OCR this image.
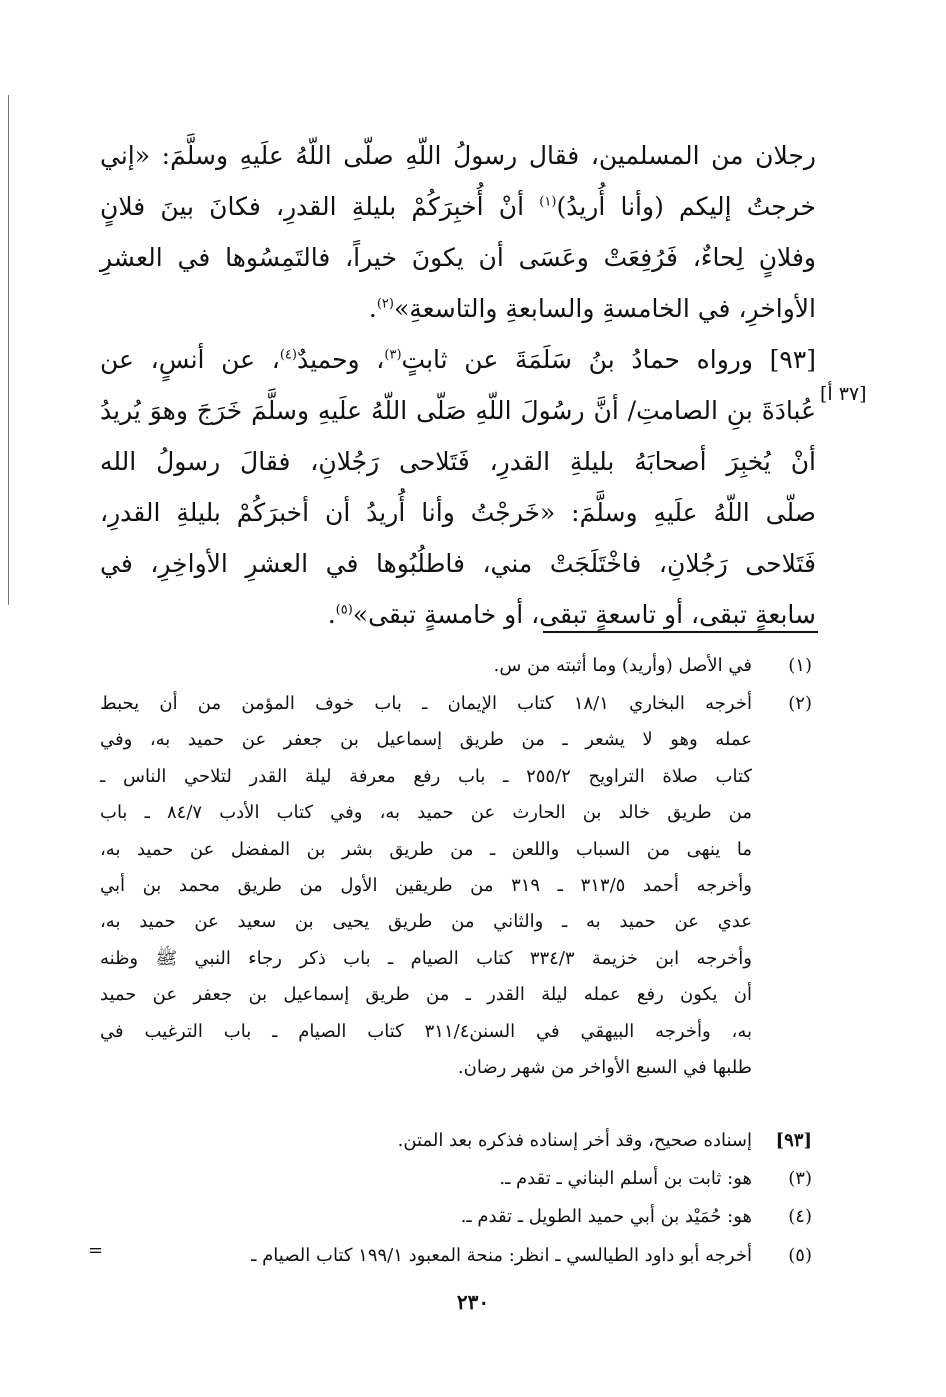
رجلان من المسلمين، فقال رسولُ اللّهِ صلّى اللّهُ علَيهِ وسلَّمَ: «إني
خرجتُ إليكم (وأنا أُريدُ)$^{(١)}$ أنْ أُخبِرَكُمْ بليلةِ القدرِ، فكانَ بينَ فلانٍ
وفلانٍ لِحاءٌ، فَرُفِعَتْ وعَسَى أن يكونَ خيراً، فالتَمِسُوها في العشرِ
الأواخرِ، في الخامسةِ والسابعةِ والتاسعةِ»$^{(٢)}$.
[٩٣] ورواه حمادُ بنُ سَلَمَةَ عن ثابتٍ$^{(٣)}$، وحميدٌ$^{(٤)}$، عن أنسٍ، عن
عُبادَةَ بنِ الصامتِ/ أنَّ رسُولَ اللّهِ صَلّى اللّهُ علَيهِ وسلَّمَ خَرَجَ وهوَ يُريدُ
أنْ يُخبِرَ أصحابَهُ بليلةِ القدرِ، فَتَلاحى رَجُلانِ، فقالَ رسولُ الله
صلّى اللّهُ علَيهِ وسلَّمَ: «خَرجْتُ وأنا أُريدُ أن أخبرَكُمْ بليلةِ القدرِ،
فَتَلاحى رَجُلانِ، فاخْتَلَجَتْ مني، فاطلُبُوها في العشرِ الأواخِرِ، في
سابعةٍ تبقى، أو تاسعةٍ تبقى، أو خامسةٍ تبقى»$^{(٥)}$.
[٣٧ أ]
(١)
في الأصل (وأريد) وما أثبته من س.
(٢)
أخرجه البخاري ١٨/١ كتاب الإيمان ـ باب خوف المؤمن من أن يحبط
عمله وهو لا يشعر ـ من طريق إسماعيل بن جعفر عن حميد به، وفي
كتاب صلاة التراويح ٢٥٥/٢ ـ باب رفع معرفة ليلة القدر لتلاحي الناس ـ
من طريق خالد بن الحارث عن حميد به، وفي كتاب الأدب ٨٤/٧ ـ باب
ما ينهى من السباب واللعن ـ من طريق بشر بن المفضل عن حميد به،
وأخرجه أحمد ٣١٣/٥ ـ ٣١٩ من طريقين الأول من طريق محمد بن أبي
عدي عن حميد به ـ والثاني من طريق يحيى بن سعيد عن حميد به،
وأخرجه ابن خزيمة ٣٣٤/٣ كتاب الصيام ـ باب ذكر رجاء النبي ﷺ وظنه
أن يكون رفع عمله ليلة القدر ـ من طريق إسماعيل بن جعفر عن حميد
به، وأخرجه البيهقي في السنن٣١١/٤ كتاب الصيام ـ باب الترغيب في
طلبها في السبع الأواخر من شهر رضان.
[٩٣]
إسناده صحيح، وقد أخر إسناده فذكره بعد المتن.
(٣)
هو: ثابت بن أسلم البناني ـ تقدم ـ.
(٤)
هو: حُمَيْد بن أبي حميد الطويل ـ تقدم ـ.
(٥)
أخرجه أبو داود الطيالسي ـ انظر: منحة المعبود ١٩٩/١ كتاب الصيام ـ
=
٢٣٠
